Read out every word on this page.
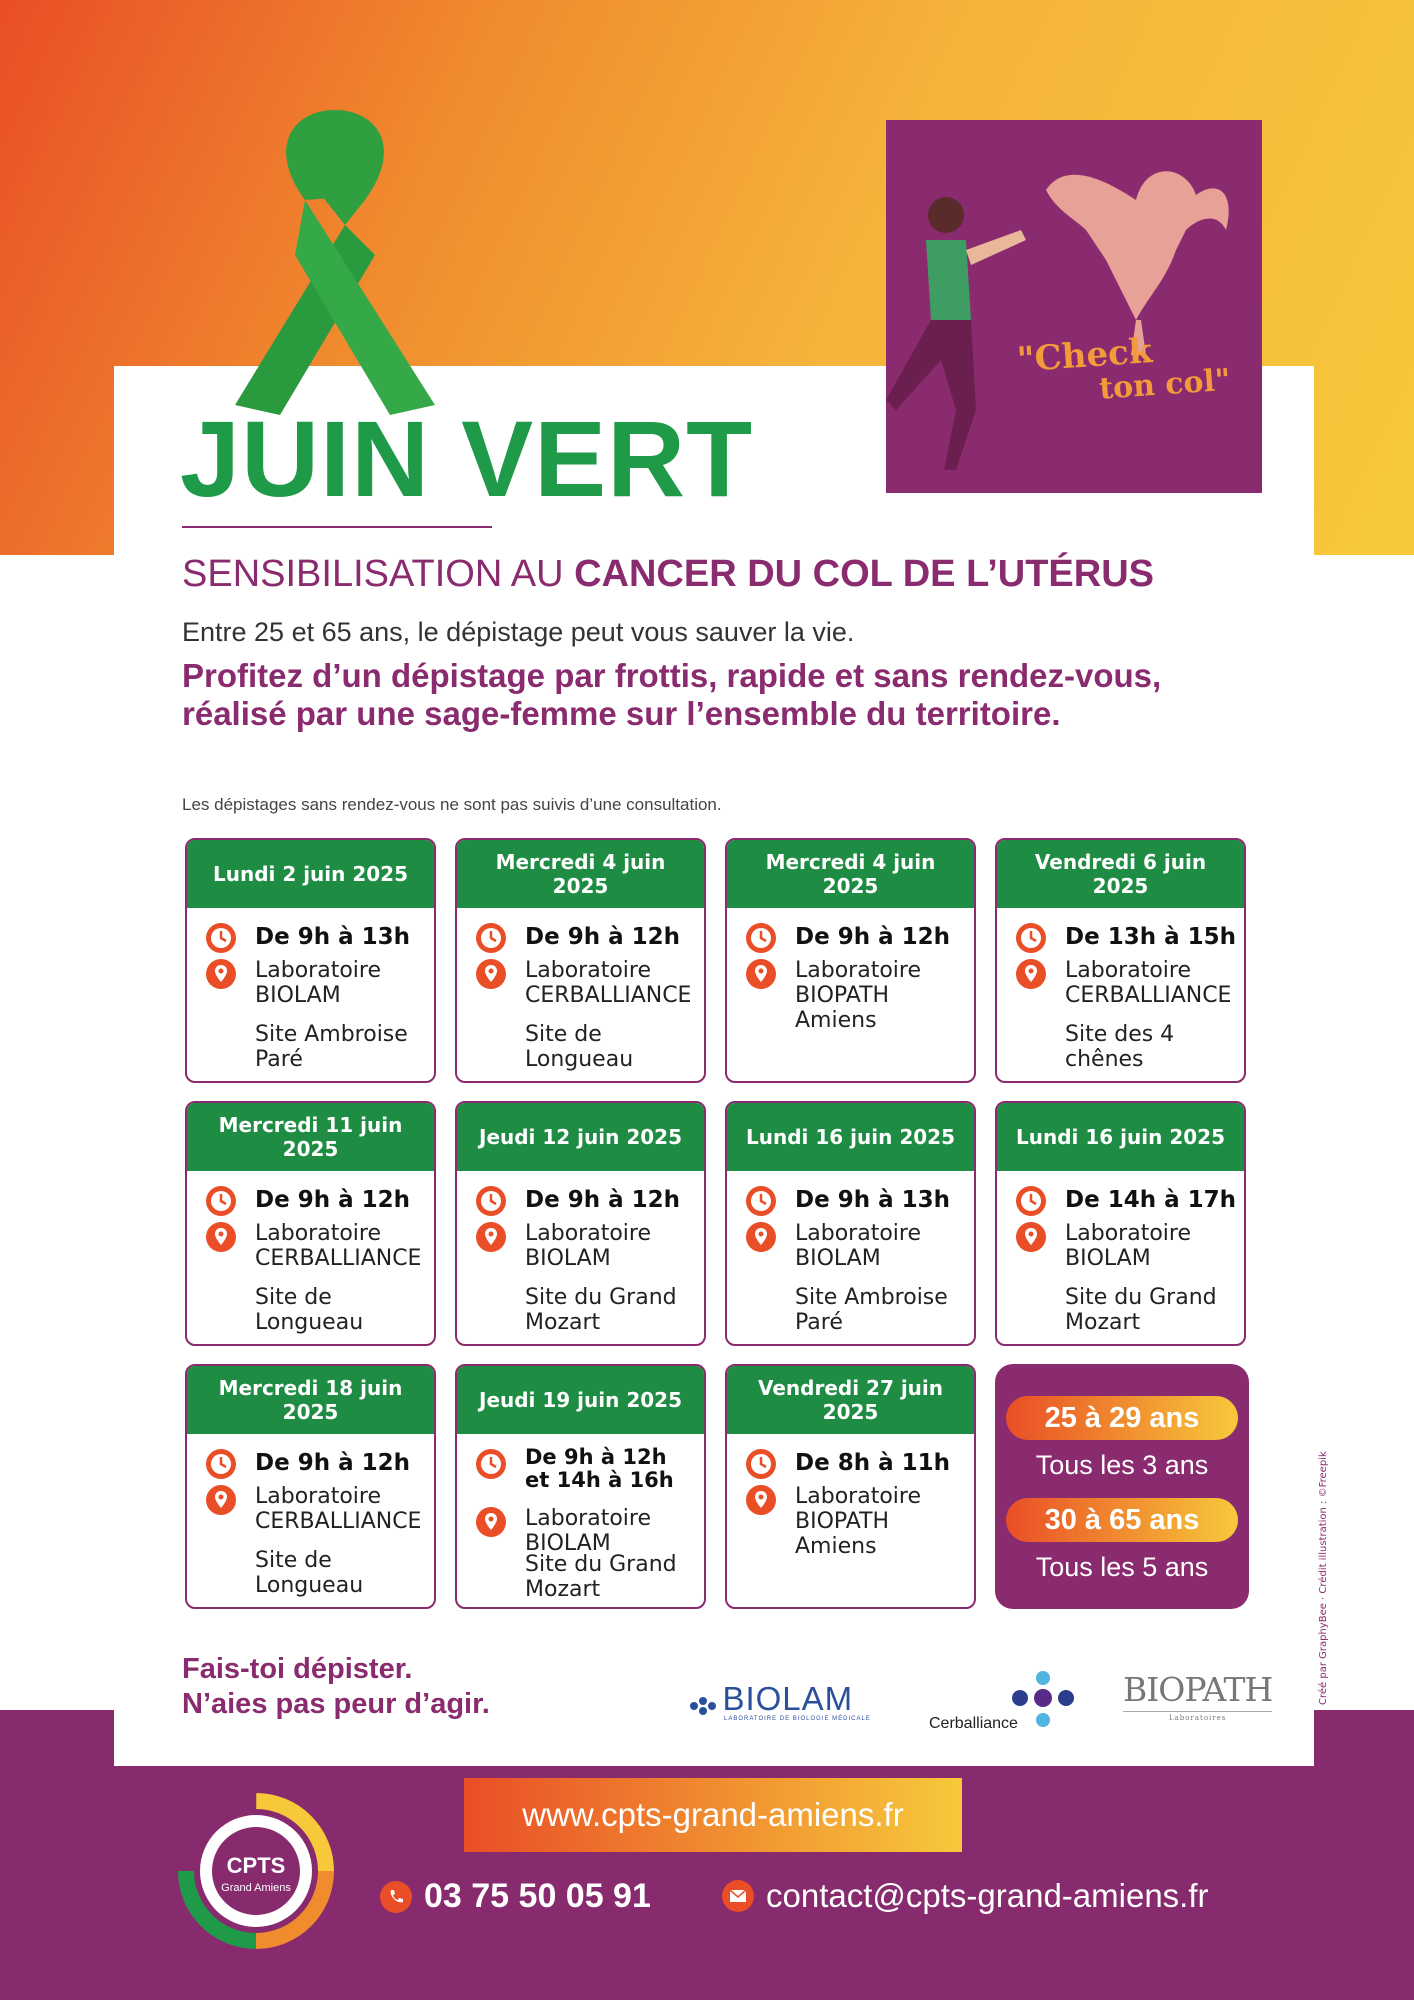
"Check
ton col"
JUIN VERT
SENSIBILISATION AU CANCER DU COL DE L’UTÉRUS
Entre 25 et 65 ans, le dépistage peut vous sauver la vie.
Profitez d’un dépistage par frottis, rapide et sans rendez-vous, réalisé par une sage-femme sur l’ensemble du territoire.
Les dépistages sans rendez-vous ne sont pas suivis d’une consultation.
Lundi 2 juin 2025
De 9h à 13h
Laboratoire BIOLAM
Site Ambroise Paré
Mercredi 4 juin 2025
De 9h à 12h
Laboratoire CERBALLIANCE
Site de Longueau
Mercredi 4 juin 2025
De 9h à 12h
Laboratoire BIOPATH Amiens
Vendredi 6 juin 2025
De 13h à 15h
Laboratoire CERBALLIANCE
Site des 4 chênes
Mercredi 11 juin 2025
De 9h à 12h
Laboratoire CERBALLIANCE
Site de Longueau
Jeudi 12 juin 2025
De 9h à 12h
Laboratoire BIOLAM
Site du Grand Mozart
Lundi 16 juin 2025
De 9h à 13h
Laboratoire BIOLAM
Site Ambroise Paré
Lundi 16 juin 2025
De 14h à 17h
Laboratoire BIOLAM
Site du Grand Mozart
Mercredi 18 juin 2025
De 9h à 12h
Laboratoire CERBALLIANCE
Site de Longueau
Jeudi 19 juin 2025
De 9h à 12h et 14h à 16h
Laboratoire BIOLAM
Site du Grand Mozart
Vendredi 27 juin 2025
De 8h à 11h
Laboratoire BIOPATH Amiens
25 à 29 ans
Tous les 3 ans
30 à 65 ans
Tous les 5 ans
Fais-toi dépister.
N’aies pas peur d’agir.	BIOLAM
LABORATOIRE DE BIOLOGIE MÉDICALE	Cerballiance
BIOPATH
Laboratoires
Créé par GraphyBee · Crédit illustration : ©Freepik
CPTS
Grand Amiens
www.cpts-grand-amiens.fr
03 75 50 05 91	contact@cpts-grand-amiens.fr
